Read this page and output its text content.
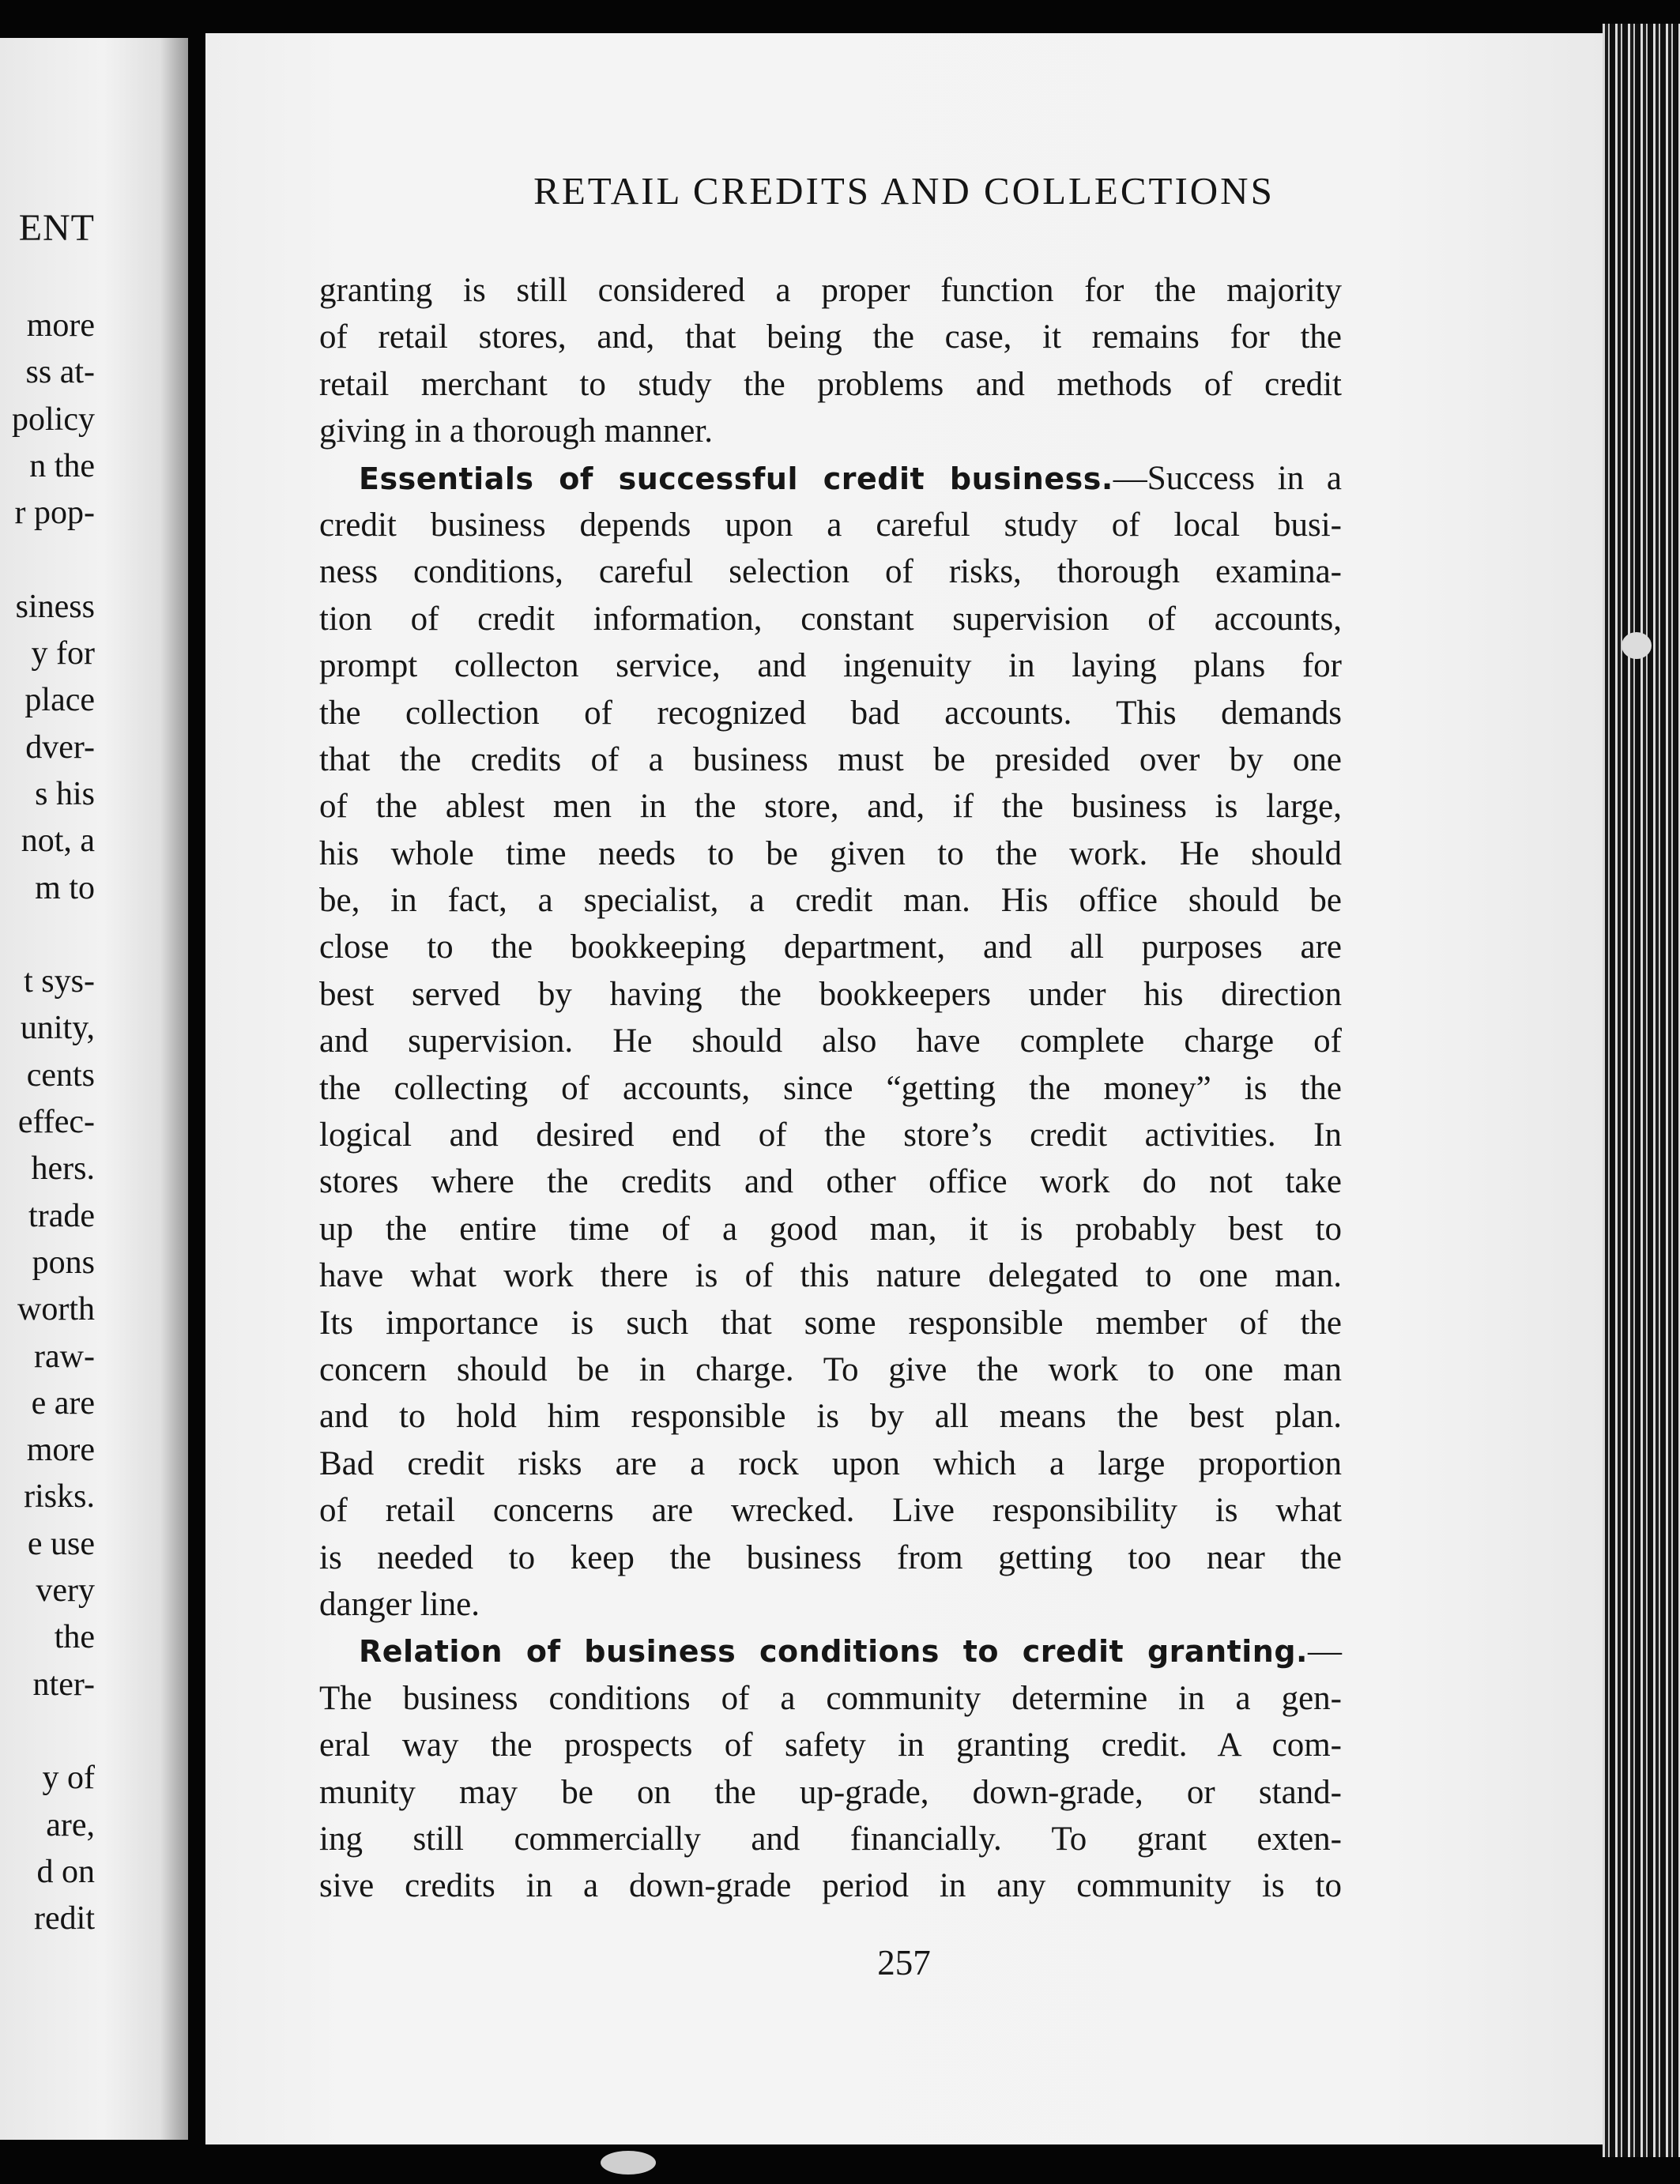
ENT
more
ss at-
policy
n the
r pop-
siness
y for
place
dver-
s his
not, a
m to
t sys-
unity,
cents
effec-
hers.
trade
pons
worth
raw-
e are
more
risks.
e use
very
the
nter-
y of
are,
d on
redit
RETAIL CREDITS AND COLLECTIONS
granting is still considered a proper function for the majority
of retail stores, and, that being the case, it remains for the
retail merchant to study the problems and methods of credit
giving in a thorough manner.
Essentials of successful credit business.—Success in a
credit business depends upon a careful study of local busi-
ness conditions, careful selection of risks, thorough examina-
tion of credit information, constant supervision of accounts,
prompt collecton service, and ingenuity in laying plans for
the collection of recognized bad accounts. This demands
that the credits of a business must be presided over by one
of the ablest men in the store, and, if the business is large,
his whole time needs to be given to the work. He should
be, in fact, a specialist, a credit man. His office should be
close to the bookkeeping department, and all purposes are
best served by having the bookkeepers under his direction
and supervision. He should also have complete charge of
the collecting of accounts, since “getting the money” is the
logical and desired end of the store’s credit activities. In
stores where the credits and other office work do not take
up the entire time of a good man, it is probably best to
have what work there is of this nature delegated to one man.
Its importance is such that some responsible member of the
concern should be in charge. To give the work to one man
and to hold him responsible is by all means the best plan.
Bad credit risks are a rock upon which a large proportion
of retail concerns are wrecked. Live responsibility is what
is needed to keep the business from getting too near the
danger line.
Relation of business conditions to credit granting.—
The business conditions of a community determine in a gen-
eral way the prospects of safety in granting credit. A com-
munity may be on the up-grade, down-grade, or stand-
ing still commercially and financially. To grant exten-
sive credits in a down-grade period in any community is to
257
